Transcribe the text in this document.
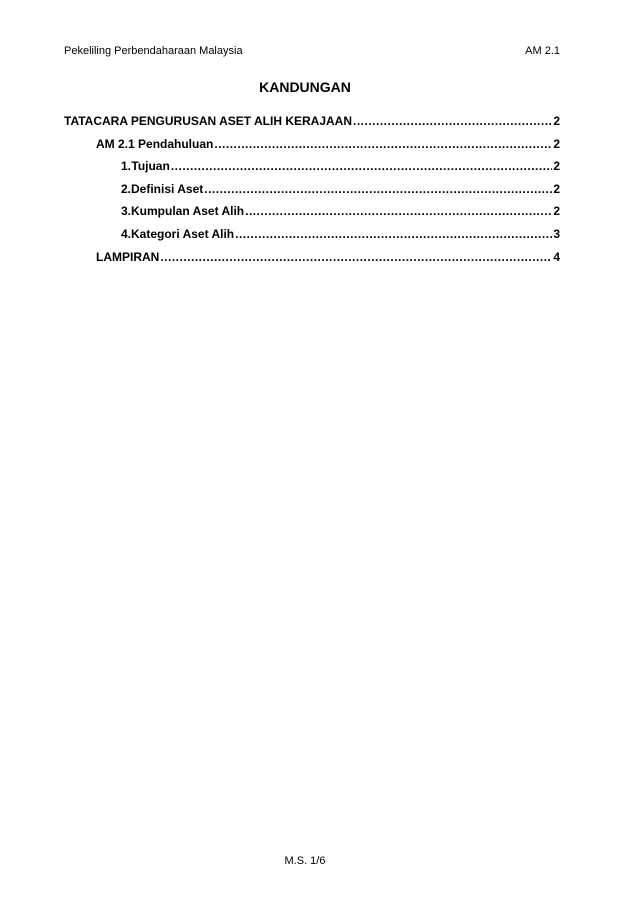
Pekeliling Perbendaharaan Malaysia	AM 2.1
KANDUNGAN
TATACARA PENGURUSAN ASET ALIH KERAJAAN .....	2
AM 2.1 Pendahuluan .....	2
1. Tujuan .....	2
2. Definisi Aset .....	2
3. Kumpulan Aset Alih .....	2
4. Kategori Aset Alih .....	3
LAMPIRAN .....	4
M.S. 1/6
